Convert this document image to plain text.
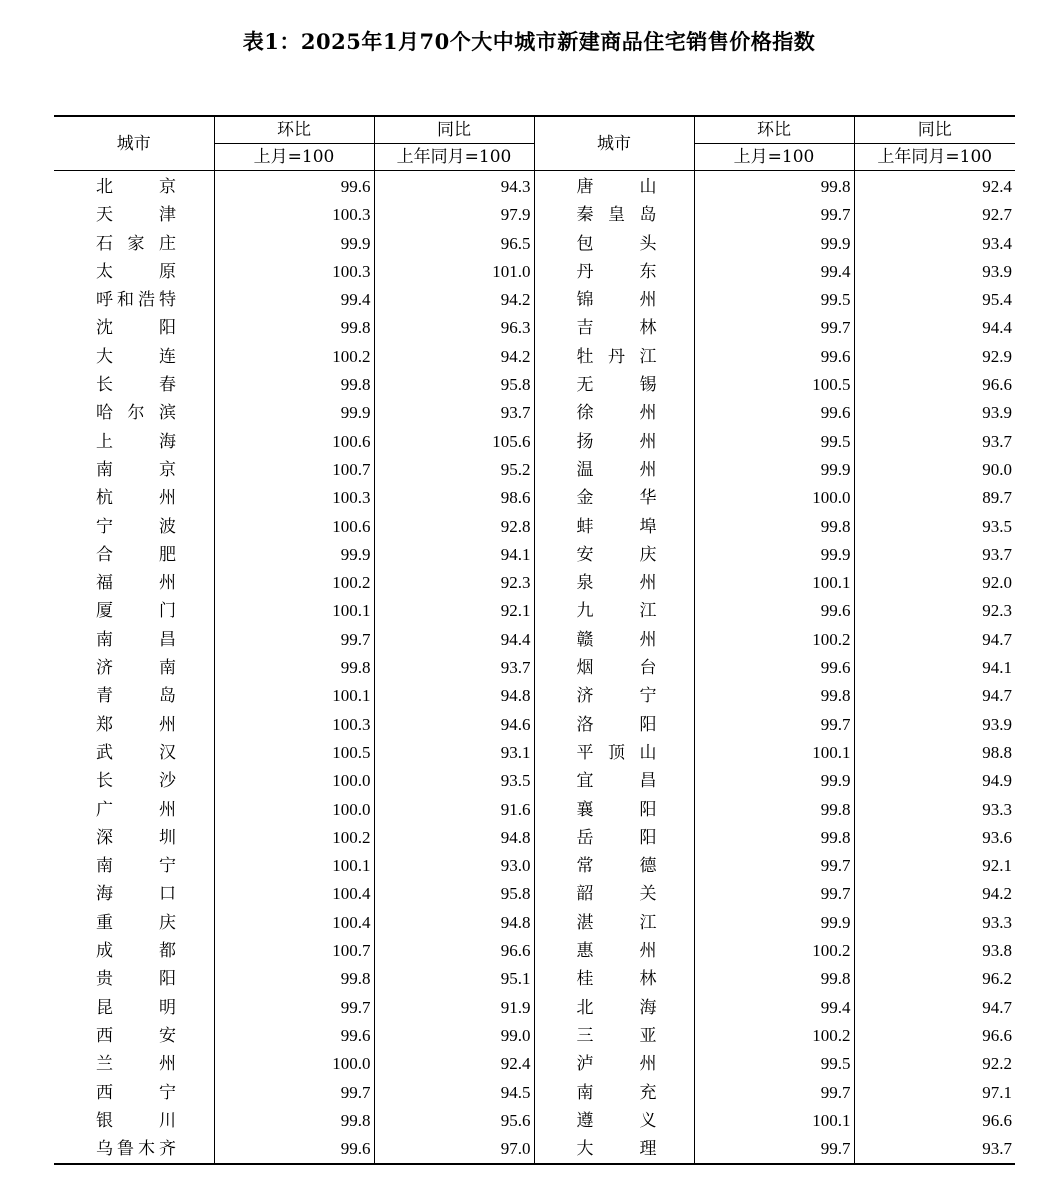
表1：2025年1月70个大中城市新建商品住宅销售价格指数
城市	环比	同比	城市	环比	同比
	上月=100	上年同月=100		上月=100	上年同月=100
北京	99.6	94.3	唐山	99.8	92.4
天津	100.3	97.9	秦皇岛	99.7	92.7
石家庄	99.9	96.5	包头	99.9	93.4
太原	100.3	101.0	丹东	99.4	93.9
呼和浩特	99.4	94.2	锦州	99.5	95.4
沈阳	99.8	96.3	吉林	99.7	94.4
大连	100.2	94.2	牡丹江	99.6	92.9
长春	99.8	95.8	无锡	100.5	96.6
哈尔滨	99.9	93.7	徐州	99.6	93.9
上海	100.6	105.6	扬州	99.5	93.7
南京	100.7	95.2	温州	99.9	90.0
杭州	100.3	98.6	金华	100.0	89.7
宁波	100.6	92.8	蚌埠	99.8	93.5
合肥	99.9	94.1	安庆	99.9	93.7
福州	100.2	92.3	泉州	100.1	92.0
厦门	100.1	92.1	九江	99.6	92.3
南昌	99.7	94.4	赣州	100.2	94.7
济南	99.8	93.7	烟台	99.6	94.1
青岛	100.1	94.8	济宁	99.8	94.7
郑州	100.3	94.6	洛阳	99.7	93.9
武汉	100.5	93.1	平顶山	100.1	98.8
长沙	100.0	93.5	宜昌	99.9	94.9
广州	100.0	91.6	襄阳	99.8	93.3
深圳	100.2	94.8	岳阳	99.8	93.6
南宁	100.1	93.0	常德	99.7	92.1
海口	100.4	95.8	韶关	99.7	94.2
重庆	100.4	94.8	湛江	99.9	93.3
成都	100.7	96.6	惠州	100.2	93.8
贵阳	99.8	95.1	桂林	99.8	96.2
昆明	99.7	91.9	北海	99.4	94.7
西安	99.6	99.0	三亚	100.2	96.6
兰州	100.0	92.4	泸州	99.5	92.2
西宁	99.7	94.5	南充	99.7	97.1
银川	99.8	95.6	遵义	100.1	96.6
乌鲁木齐	99.6	97.0	大理	99.7	93.7
